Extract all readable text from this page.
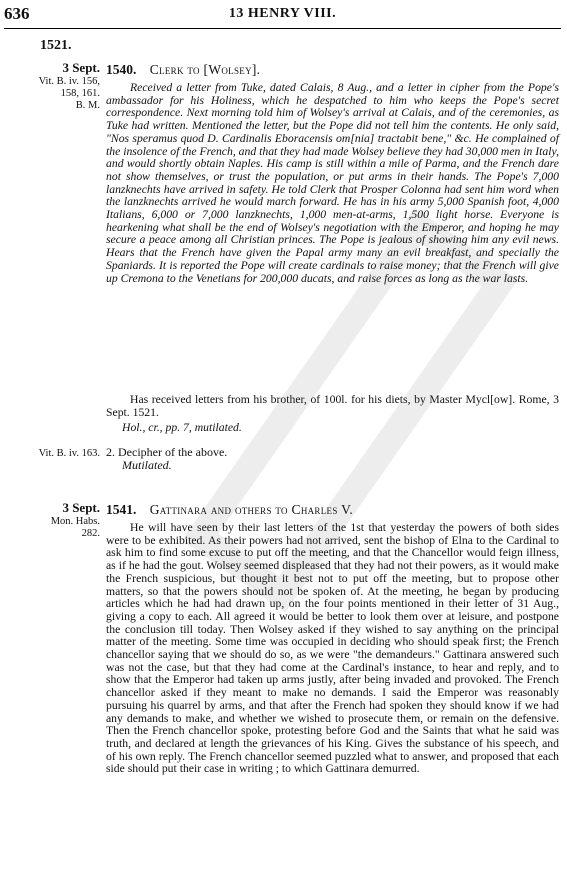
636	13 HENRY VIII.
1521.
3 Sept.
Vit. B. iv. 156,
158, 161.
B. M.
1540. Clerk to [Wolsey].

Received a letter from Tuke, dated Calais, 8 Aug., and a letter in cipher from the Pope's ambassador for his Holiness, which he despatched to him who keeps the Pope's secret correspondence. Next morning told him of Wolsey's arrival at Calais, and of the ceremonies, as Tuke had written. Mentioned the letter, but the Pope did not tell him the contents. He only said, "Nos speramus quod D. Cardinalis Eboracensis om[nia] tractabit bene," &c. He complained of the insolence of the French, and that they had made Wolsey believe they had 30,000 men in Italy, and would shortly obtain Naples. His camp is still within a mile of Parma, and the French dare not show themselves, or trust the population, or put arms in their hands. The Pope's 7,000 lanzknechts have arrived in safety. He told Clerk that Prosper Colonna had sent him word when the lanzknechts arrived he would march forward. He has in his army 5,000 Spanish foot, 4,000 Italians, 6,000 or 7,000 lanzknechts, 1,000 men-at-arms, 1,500 light horse. Everyone is hearkening what shall be the end of Wolsey's negotiation with the Emperor, and hoping he may secure a peace among all Christian princes. The Pope is jealous of showing him any evil news. Hears that the French have given the Papal army many an evil breakfast, and specially the Spaniards. It is reported the Pope will create cardinals to raise money; that the French will give up Cremona to the Venetians for 200,000 ducats, and raise forces as long as the war lasts.

Has received letters from his brother, of 100l. for his diets, by Master Mycl[ow]. Rome, 3 Sept. 1521.

Hol., cr., pp. 7, mutilated.
Vit. B. iv. 163. 2. Decipher of the above.
Mutilated.
3 Sept.
Mon. Habs.
282.
1541. Gattinara and others to Charles V.

He will have seen by their last letters of the 1st that yesterday the powers of both sides were to be exhibited. As their powers had not arrived, sent the bishop of Elna to the Cardinal to ask him to find some excuse to put off the meeting, and that the Chancellor would feign illness, as if he had the gout. Wolsey seemed displeased that they had not their powers, as it would make the French suspicious, but thought it best not to put off the meeting, but to propose other matters, so that the powers should not be spoken of. At the meeting, he began by producing articles which he had had drawn up, on the four points mentioned in their letter of 31 Aug., giving a copy to each. All agreed it would be better to look them over at leisure, and postpone the conclusion till today. Then Wolsey asked if they wished to say anything on the principal matter of the meeting. Some time was occupied in deciding who should speak first; the French chancellor saying that we should do so, as we were "the demandeurs." Gattinara answered such was not the case, but that they had come at the Cardinal's instance, to hear and reply, and to show that the Emperor had taken up arms justly, after being invaded and provoked. The French chancellor asked if they meant to make no demands. I said the Emperor was reasonably pursuing his quarrel by arms, and that after the French had spoken they should know if we had any demands to make, and whether we wished to prosecute them, or remain on the defensive. Then the French chancellor spoke, protesting before God and the Saints that what he said was truth, and declared at length the grievances of his King. Gives the substance of his speech, and of his own reply. The French chancellor seemed puzzled what to answer, and proposed that each side should put their case in writing ; to which Gattinara demurred.
